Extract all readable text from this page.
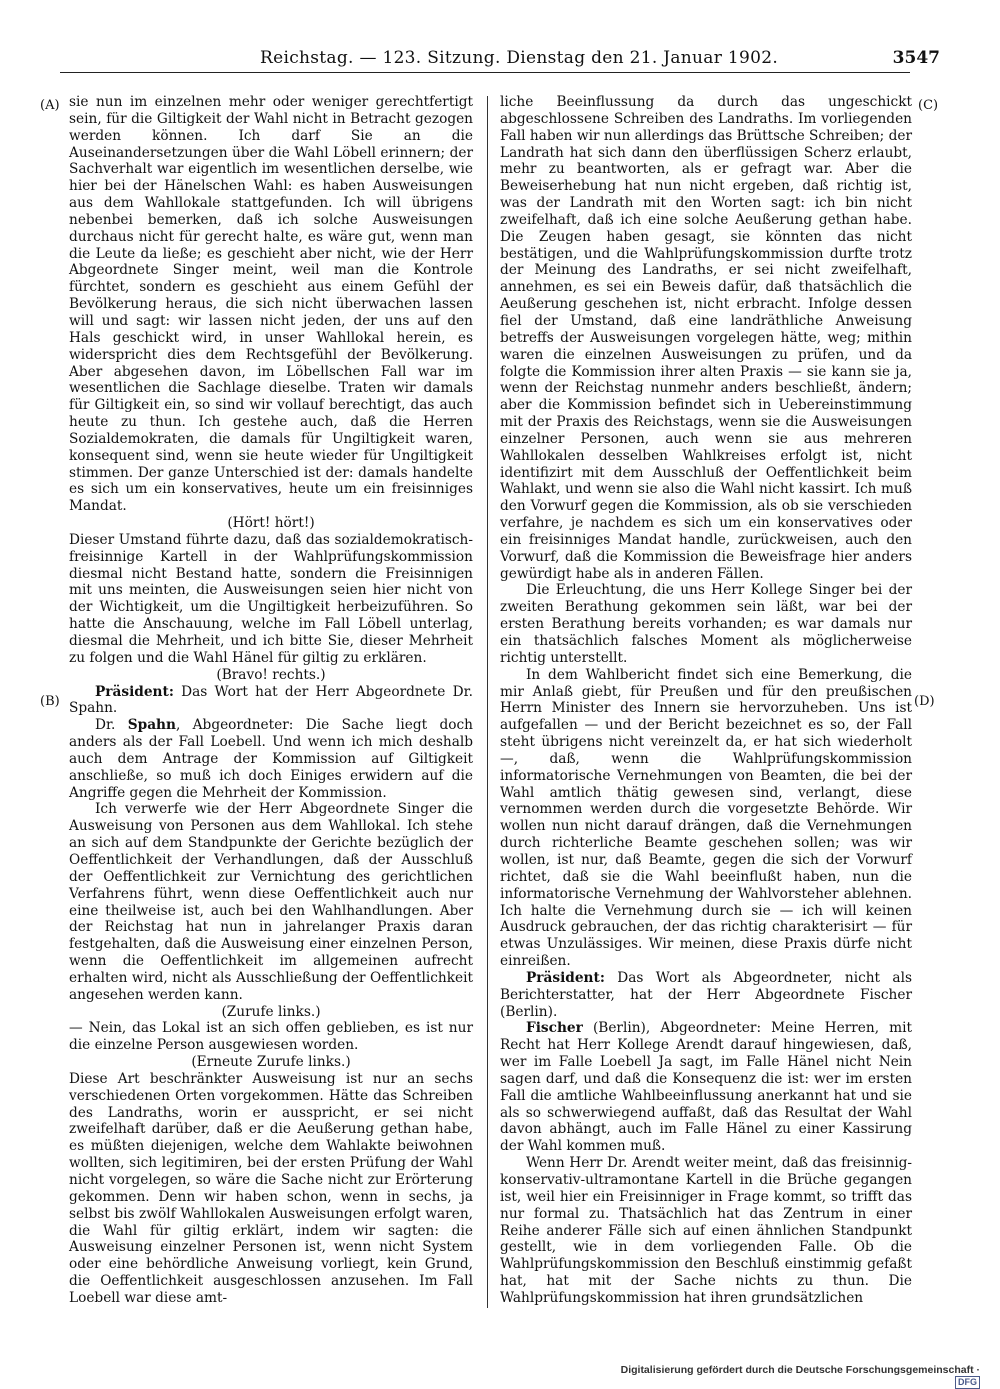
Reichstag. — 123. Sitzung. Dienstag den 21. Januar 1902.	3547
(A)
(B)
(C)
(D)

sie nun im einzelnen mehr oder weniger gerechtfertigt sein, für die Giltigkeit der Wahl nicht in Betracht gezogen werden können. Ich darf Sie an die Auseinandersetzungen über die Wahl Löbell erinnern; der Sachverhalt war eigentlich im wesentlichen derselbe, wie hier bei der Hänelschen Wahl: es haben Ausweisungen aus dem Wahllokale stattgefunden. Ich will übrigens nebenbei bemerken, daß ich solche Ausweisungen durchaus nicht für gerecht halte, es wäre gut, wenn man die Leute da ließe; es geschieht aber nicht, wie der Herr Abgeordnete Singer meint, weil man die Kontrole fürchtet, sondern es geschieht aus einem Gefühl der Bevölkerung heraus, die sich nicht überwachen lassen will und sagt: wir lassen nicht jeden, der uns auf den Hals geschickt wird, in unser Wahllokal herein, es widerspricht dies dem Rechtsgefühl der Bevölkerung. Aber abgesehen davon, im Löbellschen Fall war im wesentlichen die Sachlage dieselbe. Traten wir damals für Giltigkeit ein, so sind wir vollauf berechtigt, das auch heute zu thun. Ich gestehe auch, daß die Herren Sozialdemokraten, die damals für Ungiltigkeit waren, konsequent sind, wenn sie heute wieder für Ungiltigkeit stimmen. Der ganze Unterschied ist der: damals handelte es sich um ein konservatives, heute um ein freisinniges Mandat.

(Hört! hört!)

Dieser Umstand führte dazu, daß das sozialdemokratisch-freisinnige Kartell in der Wahlprüfungskommission diesmal nicht Bestand hatte, sondern die Freisinnigen mit uns meinten, die Ausweisungen seien hier nicht von der Wichtigkeit, um die Ungiltigkeit herbeizuführen. So hatte die Anschauung, welche im Fall Löbell unterlag, diesmal die Mehrheit, und ich bitte Sie, dieser Mehrheit zu folgen und die Wahl Hänel für giltig zu erklären.

(Bravo! rechts.)

Präsident: Das Wort hat der Herr Abgeordnete Dr. Spahn.

Dr. Spahn, Abgeordneter: Die Sache liegt doch anders als der Fall Loebell. Und wenn ich mich deshalb auch dem Antrage der Kommission auf Giltigkeit anschließe, so muß ich doch Einiges erwidern auf die Angriffe gegen die Mehrheit der Kommission.

Ich verwerfe wie der Herr Abgeordnete Singer die Ausweisung von Personen aus dem Wahllokal. Ich stehe an sich auf dem Standpunkte der Gerichte bezüglich der Oeffentlichkeit der Verhandlungen, daß der Ausschluß der Oeffentlichkeit zur Vernichtung des gerichtlichen Verfahrens führt, wenn diese Oeffentlichkeit auch nur eine theilweise ist, auch bei den Wahlhandlungen. Aber der Reichstag hat nun in jahrelanger Praxis daran festgehalten, daß die Ausweisung einer einzelnen Person, wenn die Oeffentlichkeit im allgemeinen aufrecht erhalten wird, nicht als Ausschließung der Oeffentlichkeit angesehen werden kann.

(Zurufe links.)

— Nein, das Lokal ist an sich offen geblieben, es ist nur die einzelne Person ausgewiesen worden.

(Erneute Zurufe links.)

Diese Art beschränkter Ausweisung ist nur an sechs verschiedenen Orten vorgekommen. Hätte das Schreiben des Landraths, worin er ausspricht, er sei nicht zweifelhaft darüber, daß er die Aeußerung gethan habe, es müßten diejenigen, welche dem Wahlakte beiwohnen wollten, sich legitimiren, bei der ersten Prüfung der Wahl nicht vorgelegen, so wäre die Sache nicht zur Erörterung gekommen. Denn wir haben schon, wenn in sechs, ja selbst bis zwölf Wahllokalen Ausweisungen erfolgt waren, die Wahl für giltig erklärt, indem wir sagten: die Ausweisung einzelner Personen ist, wenn nicht System oder eine behördliche Anweisung vorliegt, kein Grund, die Oeffentlichkeit ausgeschlossen anzusehen. Im Fall Loebell war diese amt-

liche Beeinflussung da durch das ungeschickt abgeschlossene Schreiben des Landraths. Im vorliegenden Fall haben wir nun allerdings das Brüttsche Schreiben; der Landrath hat sich dann den überflüssigen Scherz erlaubt, mehr zu beantworten, als er gefragt war. Aber die Beweiserhebung hat nun nicht ergeben, daß richtig ist, was der Landrath mit den Worten sagt: ich bin nicht zweifelhaft, daß ich eine solche Aeußerung gethan habe. Die Zeugen haben gesagt, sie könnten das nicht bestätigen, und die Wahlprüfungskommission durfte trotz der Meinung des Landraths, er sei nicht zweifelhaft, annehmen, es sei ein Beweis dafür, daß thatsächlich die Aeußerung geschehen ist, nicht erbracht. Infolge dessen fiel der Umstand, daß eine landräthliche Anweisung betreffs der Ausweisungen vorgelegen hätte, weg; mithin waren die einzelnen Ausweisungen zu prüfen, und da folgte die Kommission ihrer alten Praxis — sie kann sie ja, wenn der Reichstag nunmehr anders beschließt, ändern; aber die Kommission befindet sich in Uebereinstimmung mit der Praxis des Reichstags, wenn sie die Ausweisungen einzelner Personen, auch wenn sie aus mehreren Wahllokalen desselben Wahlkreises erfolgt ist, nicht identifizirt mit dem Ausschluß der Oeffentlichkeit beim Wahlakt, und wenn sie also die Wahl nicht kassirt. Ich muß den Vorwurf gegen die Kommission, als ob sie verschieden verfahre, je nachdem es sich um ein konservatives oder ein freisinniges Mandat handle, zurückweisen, auch den Vorwurf, daß die Kommission die Beweisfrage hier anders gewürdigt habe als in anderen Fällen.

Die Erleuchtung, die uns Herr Kollege Singer bei der zweiten Berathung gekommen sein läßt, war bei der ersten Berathung bereits vorhanden; es war damals nur ein thatsächlich falsches Moment als möglicherweise richtig unterstellt.

In dem Wahlbericht findet sich eine Bemerkung, die mir Anlaß giebt, für Preußen und für den preußischen Herrn Minister des Innern sie hervorzuheben. Uns ist aufgefallen — und der Bericht bezeichnet es so, der Fall steht übrigens nicht vereinzelt da, er hat sich wiederholt —, daß, wenn die Wahlprüfungskommission informatorische Vernehmungen von Beamten, die bei der Wahl amtlich thätig gewesen sind, verlangt, diese vernommen werden durch die vorgesetzte Behörde. Wir wollen nun nicht darauf drängen, daß die Vernehmungen durch richterliche Beamte geschehen sollen; was wir wollen, ist nur, daß Beamte, gegen die sich der Vorwurf richtet, daß sie die Wahl beeinflußt haben, nun die informatorische Vernehmung der Wahlvorsteher ablehnen. Ich halte die Vernehmung durch sie — ich will keinen Ausdruck gebrauchen, der das richtig charakterisirt — für etwas Unzulässiges. Wir meinen, diese Praxis dürfe nicht einreißen.

Präsident: Das Wort als Abgeordneter, nicht als Berichterstatter, hat der Herr Abgeordnete Fischer (Berlin).

Fischer (Berlin), Abgeordneter: Meine Herren, mit Recht hat Herr Kollege Arendt darauf hingewiesen, daß, wer im Falle Loebell Ja sagt, im Falle Hänel nicht Nein sagen darf, und daß die Konsequenz die ist: wer im ersten Fall die amtliche Wahlbeeinflussung anerkannt hat und sie als so schwerwiegend auffaßt, daß das Resultat der Wahl davon abhängt, auch im Falle Hänel zu einer Kassirung der Wahl kommen muß.

Wenn Herr Dr. Arendt weiter meint, daß das freisinnig-konservativ-ultramontane Kartell in die Brüche gegangen ist, weil hier ein Freisinniger in Frage kommt, so trifft das nur formal zu. Thatsächlich hat das Zentrum in einer Reihe anderer Fälle sich auf einen ähnlichen Standpunkt gestellt, wie in dem vorliegenden Falle. Ob die Wahlprüfungskommission den Beschluß einstimmig gefaßt hat, hat mit der Sache nichts zu thun. Die Wahlprüfungskommission hat ihren grundsätzlichen

Digitalisierung gefördert durch die Deutsche Forschungsgemeinschaft · DFG
